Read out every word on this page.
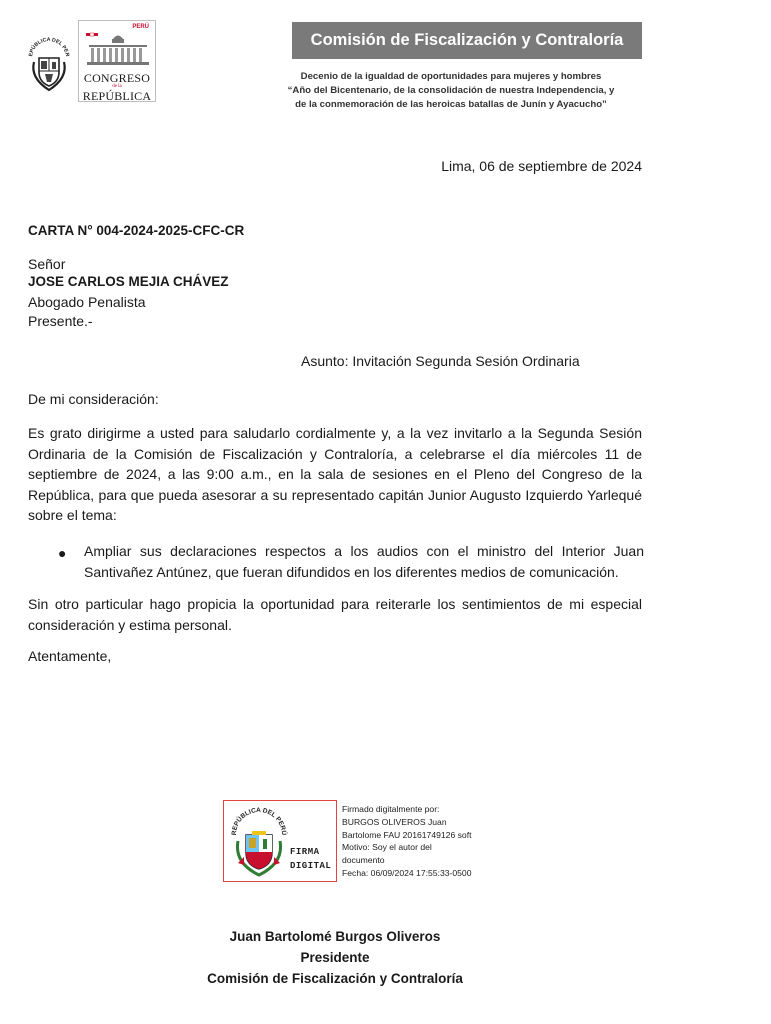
EPÚBLICA DEL PER
PERÚ
CONGRESO
de la
REPÚBLICA
Comisión de Fiscalización y Contraloría
Decenio de la igualdad de oportunidades para mujeres y hombres
“Año del Bicentenario, de la consolidación de nuestra Independencia, y
de la conmemoración de las heroicas batallas de Junín y Ayacucho”
Lima, 06 de septiembre de 2024
CARTA N° 004-2024-2025-CFC-CR
Señor
JOSE CARLOS MEJIA CHÁVEZ
Abogado Penalista
Presente.-
Asunto: Invitación Segunda Sesión Ordinaria
De mi consideración:
Es grato dirigirme a usted para saludarlo cordialmente y, a la vez invitarlo a la Segunda Sesión Ordinaria de la Comisión de Fiscalización y Contraloría, a celebrarse el día miércoles 11 de septiembre de 2024, a las 9:00 a.m., en la sala de sesiones en el Pleno del Congreso de la República, para que pueda asesorar a su representado capitán Junior Augusto Izquierdo Yarlequé sobre el tema:
● Ampliar sus declaraciones respectos a los audios con el ministro del Interior Juan Santivañez Antúnez, que fueran difundidos en los diferentes medios de comunicación.
Sin otro particular hago propicia la oportunidad para reiterarle los sentimientos de mi especial consideración y estima personal.
Atentamente,
REPÚBLICA DEL PERÚ
FIRMA
DIGITAL
Firmado digitalmente por:
BURGOS OLIVEROS Juan
Bartolome FAU 20161749126 soft
Motivo: Soy el autor del
documento
Fecha: 06/09/2024 17:55:33-0500
Juan Bartolomé Burgos Oliveros
Presidente
Comisión de Fiscalización y Contraloría
